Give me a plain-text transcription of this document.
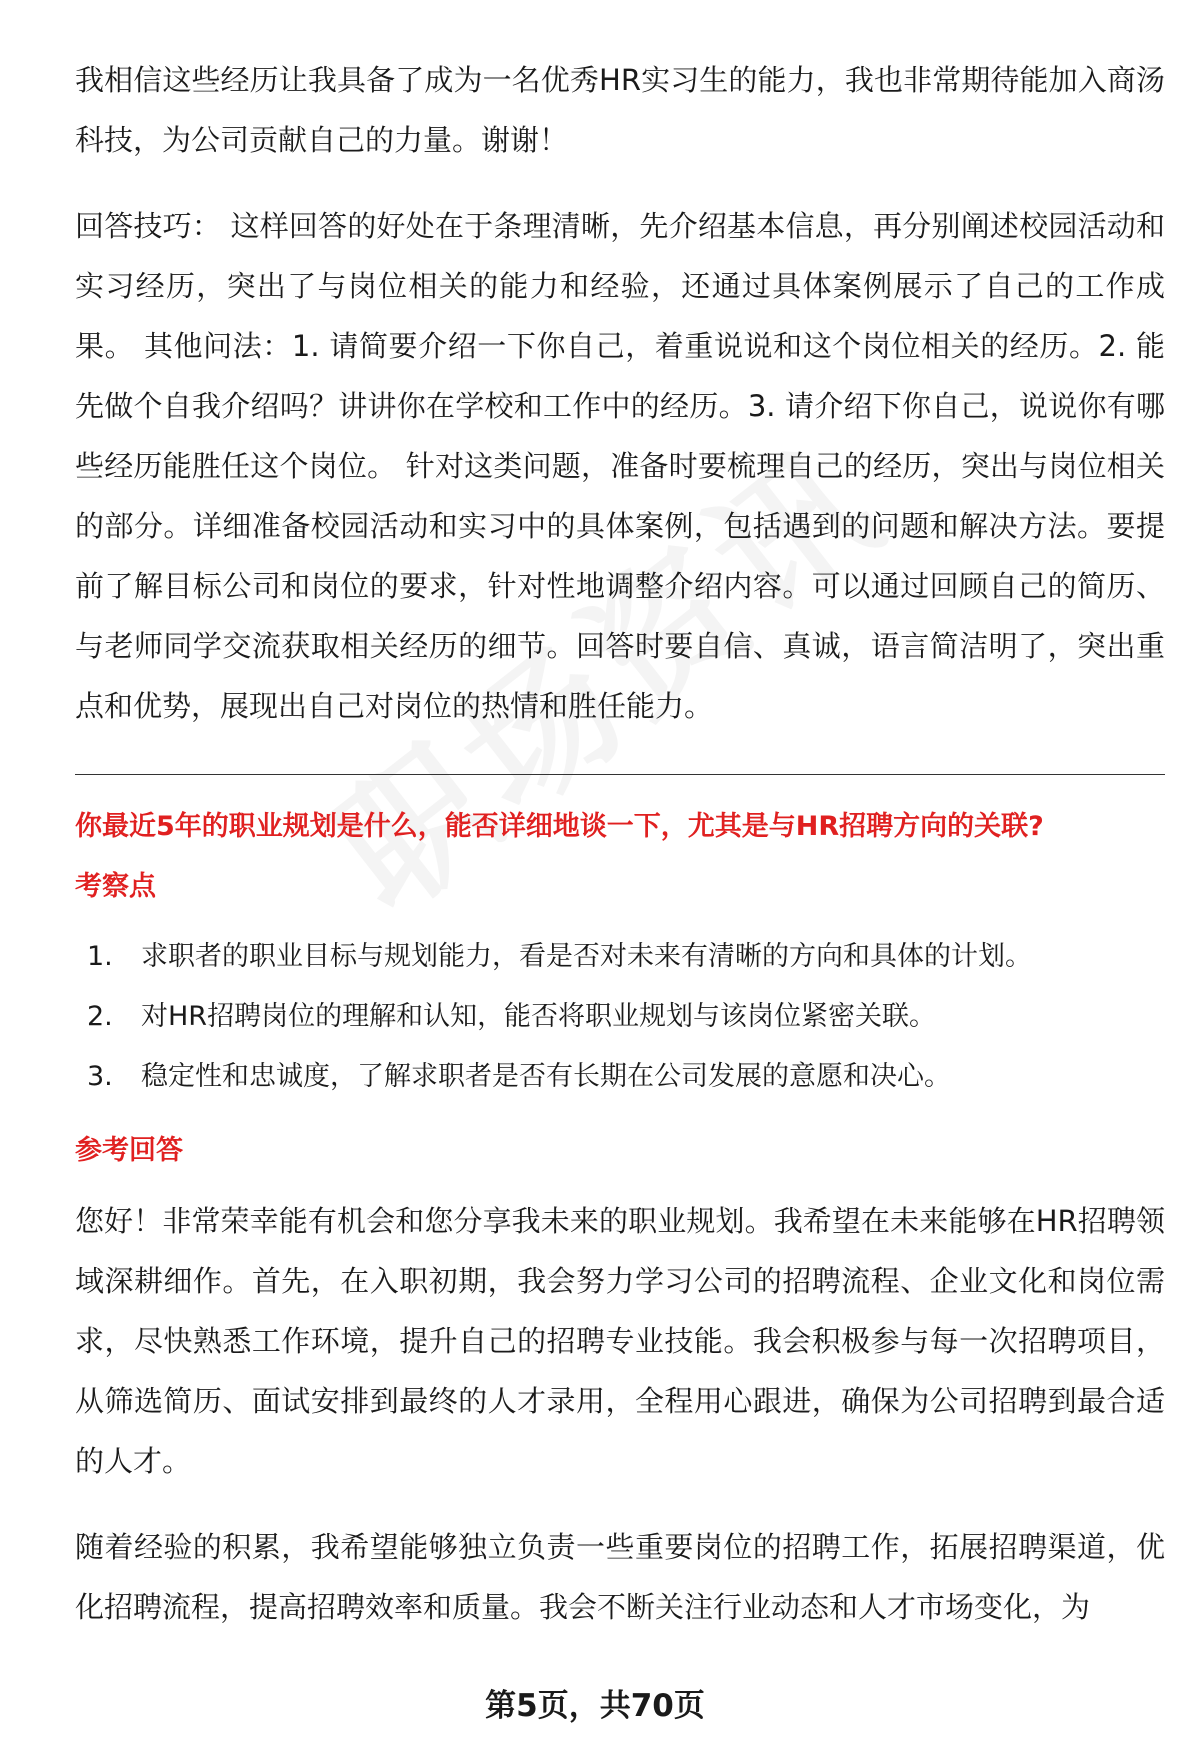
我相信这些经历让我具备了成为一名优秀HR实习生的能力，我也非常期待能加入商汤科技，为公司贡献自己的力量。谢谢！

回答技巧： 这样回答的好处在于条理清晰，先介绍基本信息，再分别阐述校园活动和实习经历，突出了与岗位相关的能力和经验，还通过具体案例展示了自己的工作成果。 其他问法：1. 请简要介绍一下你自己，着重说说和这个岗位相关的经历。2. 能先做个自我介绍吗？讲讲你在学校和工作中的经历。3. 请介绍下你自己，说说你有哪些经历能胜任这个岗位。 针对这类问题，准备时要梳理自己的经历，突出与岗位相关的部分。详细准备校园活动和实习中的具体案例，包括遇到的问题和解决方法。要提前了解目标公司和岗位的要求，针对性地调整介绍内容。可以通过回顾自己的简历、与老师同学交流获取相关经历的细节。回答时要自信、真诚，语言简洁明了，突出重点和优势，展现出自己对岗位的热情和胜任能力。

你最近5年的职业规划是什么，能否详细地谈一下，尤其是与HR招聘方向的关联?

考察点

1.	求职者的职业目标与规划能力，看是否对未来有清晰的方向和具体的计划。
2.	对HR招聘岗位的理解和认知，能否将职业规划与该岗位紧密关联。
3.	稳定性和忠诚度，了解求职者是否有长期在公司发展的意愿和决心。

参考回答

您好！非常荣幸能有机会和您分享我未来的职业规划。我希望在未来能够在HR招聘领域深耕细作。首先，在入职初期，我会努力学习公司的招聘流程、企业文化和岗位需求，尽快熟悉工作环境，提升自己的招聘专业技能。我会积极参与每一次招聘项目，从筛选简历、面试安排到最终的人才录用，全程用心跟进，确保为公司招聘到最合适的人才。

随着经验的积累，我希望能够独立负责一些重要岗位的招聘工作，拓展招聘渠道，优化招聘流程，提高招聘效率和质量。我会不断关注行业动态和人才市场变化，为

第5页，共70页
